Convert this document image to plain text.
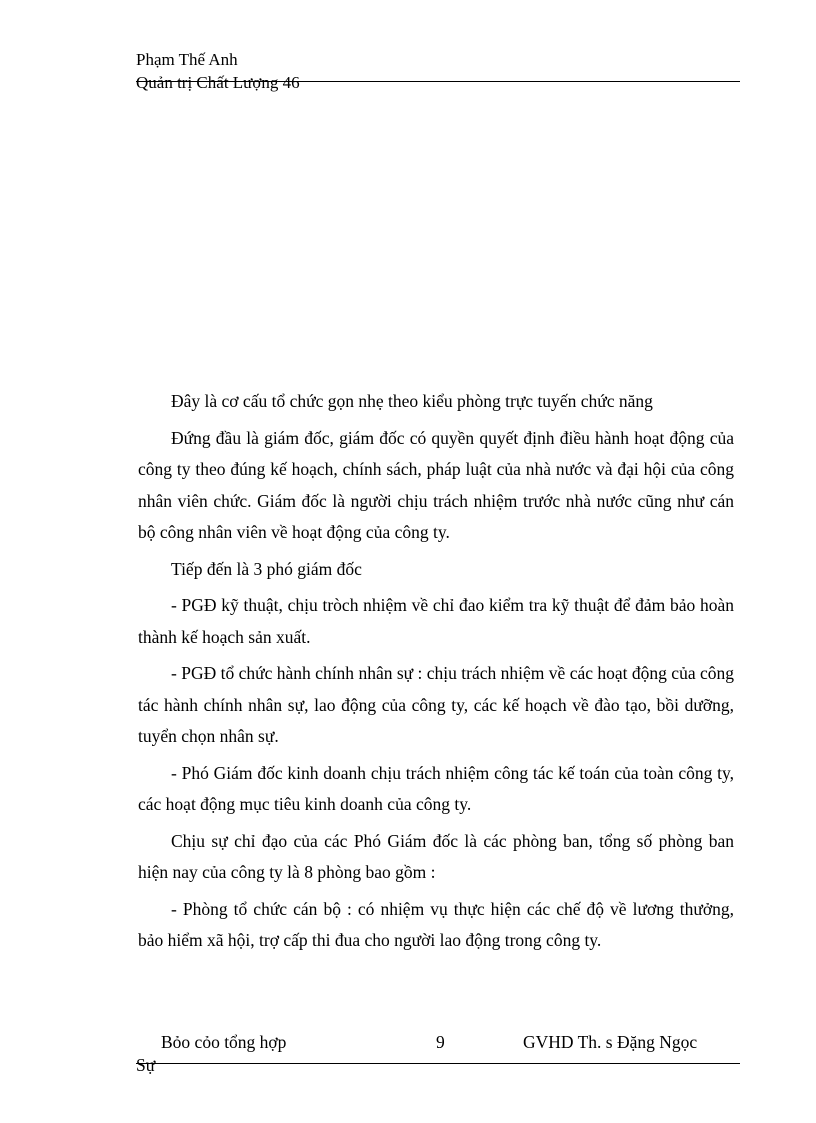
Phạm Thế Anh
Quản trị Chất Lượng 46

Đây là cơ cấu tổ chức gọn nhẹ theo kiểu phòng trực tuyến chức năng

Đứng đầu là giám đốc, giám đốc có quyền quyết định điều hành hoạt động của công ty theo đúng kế hoạch, chính sách, pháp luật của nhà nước và đại hội của công nhân viên chức. Giám đốc là người chịu trách nhiệm trước nhà nước cũng như cán bộ công nhân viên về hoạt động của công ty.

Tiếp đến là 3 phó giám đốc

- PGĐ kỹ thuật, chịu tròch nhiệm về chỉ đao kiểm tra kỹ thuật để đảm bảo hoàn thành kế hoạch sản xuất.

- PGĐ tổ chức hành chính nhân sự : chịu trách nhiệm về các hoạt động của công tác hành chính nhân sự, lao động của công ty, các kế hoạch về đào tạo, bồi dưỡng, tuyển chọn nhân sự.

- Phó Giám đốc kinh doanh chịu trách nhiệm công tác kế toán của toàn công ty, các hoạt động mục tiêu kinh doanh của công ty.

Chịu sự chỉ đạo của các Phó Giám đốc là các phòng ban, tổng số phòng ban hiện nay của công ty là 8 phòng bao gồm :

- Phòng tổ chức cán bộ : có nhiệm vụ thực hiện các chế độ về lương thưởng, bảo hiểm xã hội, trợ cấp thi đua cho người lao động trong công ty.

Bỏo cỏo tổng hợp	9	GVHD Th. s Đặng Ngọc
Sự
